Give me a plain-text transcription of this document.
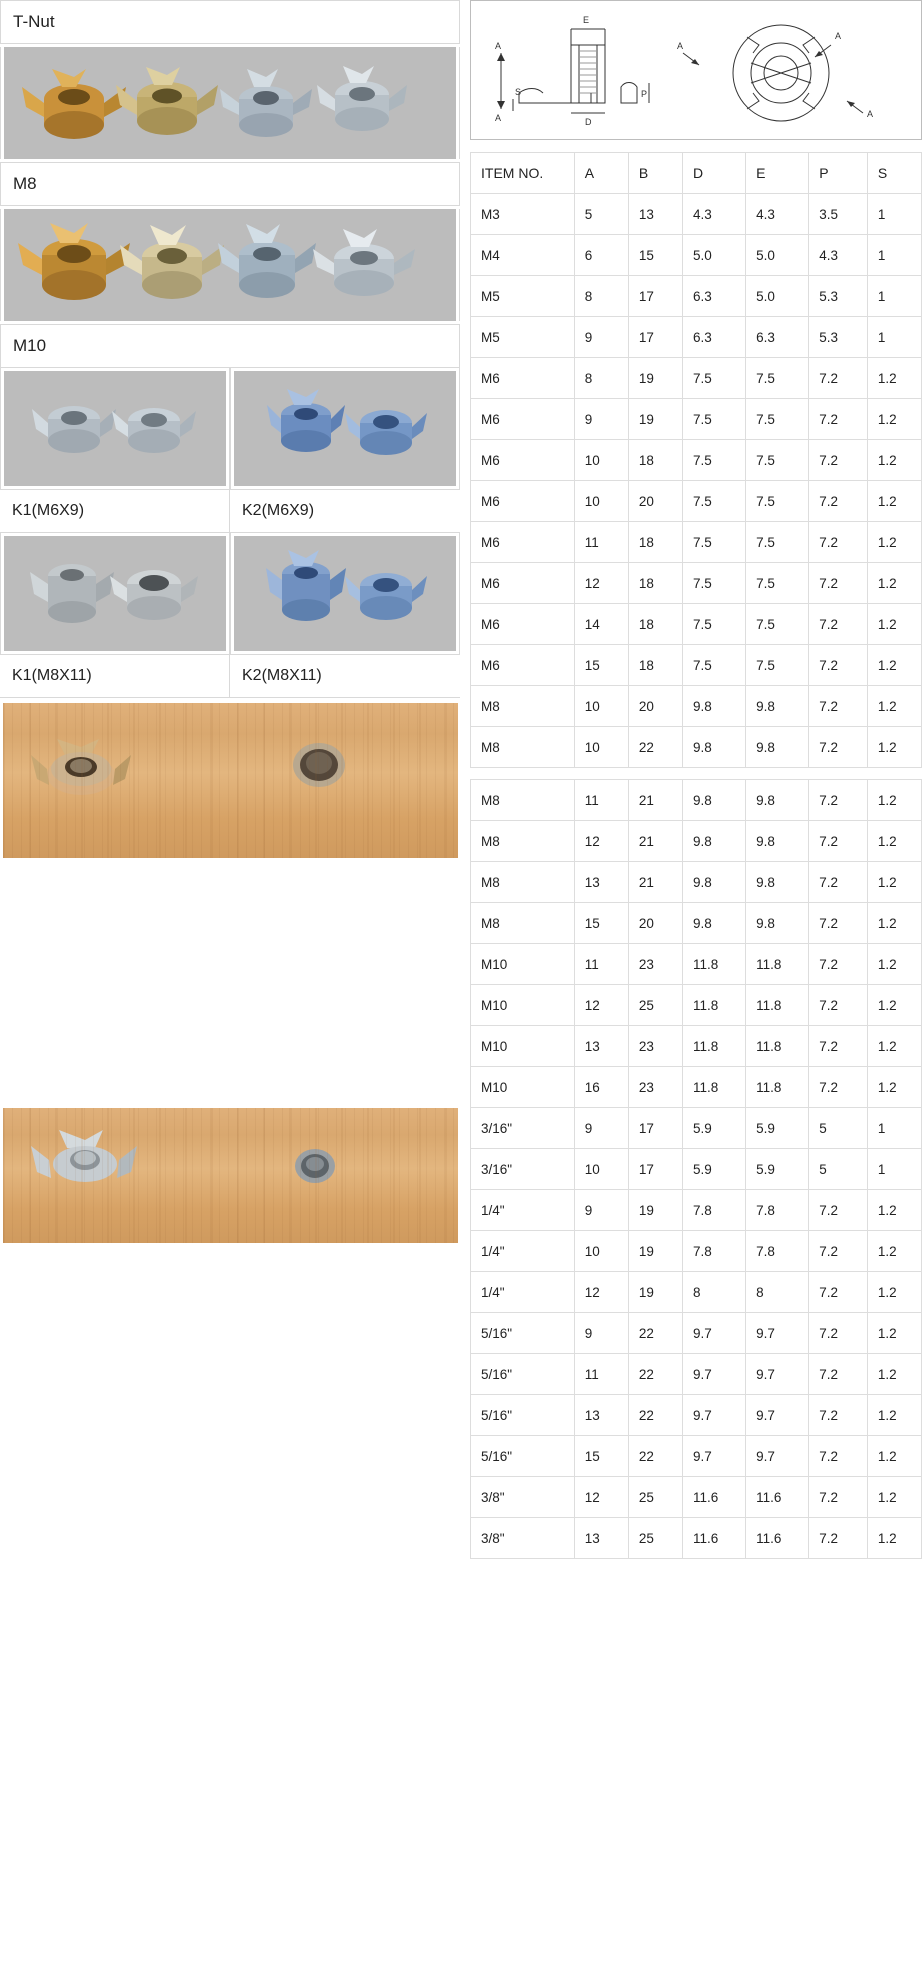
T-Nut
M8
M10
K1(M6X9)	K2(M6X9)
K1(M8X11)	K2(M8X11)
A
A
S
E
D
P
A
A
A
ITEM NO.	A	B	D	E	P	S
M3	5	13	4.3	4.3	3.5	1
M4	6	15	5.0	5.0	4.3	1
M5	8	17	6.3	5.0	5.3	1
M5	9	17	6.3	6.3	5.3	1
M6	8	19	7.5	7.5	7.2	1.2
M6	9	19	7.5	7.5	7.2	1.2
M6	10	18	7.5	7.5	7.2	1.2
M6	10	20	7.5	7.5	7.2	1.2
M6	11	18	7.5	7.5	7.2	1.2
M6	12	18	7.5	7.5	7.2	1.2
M6	14	18	7.5	7.5	7.2	1.2
M6	15	18	7.5	7.5	7.2	1.2
M8	10	20	9.8	9.8	7.2	1.2
M8	10	22	9.8	9.8	7.2	1.2
M8	11	21	9.8	9.8	7.2	1.2
M8	12	21	9.8	9.8	7.2	1.2
M8	13	21	9.8	9.8	7.2	1.2
M8	15	20	9.8	9.8	7.2	1.2
M10	11	23	11.8	11.8	7.2	1.2
M10	12	25	11.8	11.8	7.2	1.2
M10	13	23	11.8	11.8	7.2	1.2
M10	16	23	11.8	11.8	7.2	1.2
3/16"	9	17	5.9	5.9	5	1
3/16"	10	17	5.9	5.9	5	1
1/4"	9	19	7.8	7.8	7.2	1.2
1/4"	10	19	7.8	7.8	7.2	1.2
1/4"	12	19	8	8	7.2	1.2
5/16"	9	22	9.7	9.7	7.2	1.2
5/16"	11	22	9.7	9.7	7.2	1.2
5/16"	13	22	9.7	9.7	7.2	1.2
5/16"	15	22	9.7	9.7	7.2	1.2
3/8"	12	25	11.6	11.6	7.2	1.2
3/8"	13	25	11.6	11.6	7.2	1.2
